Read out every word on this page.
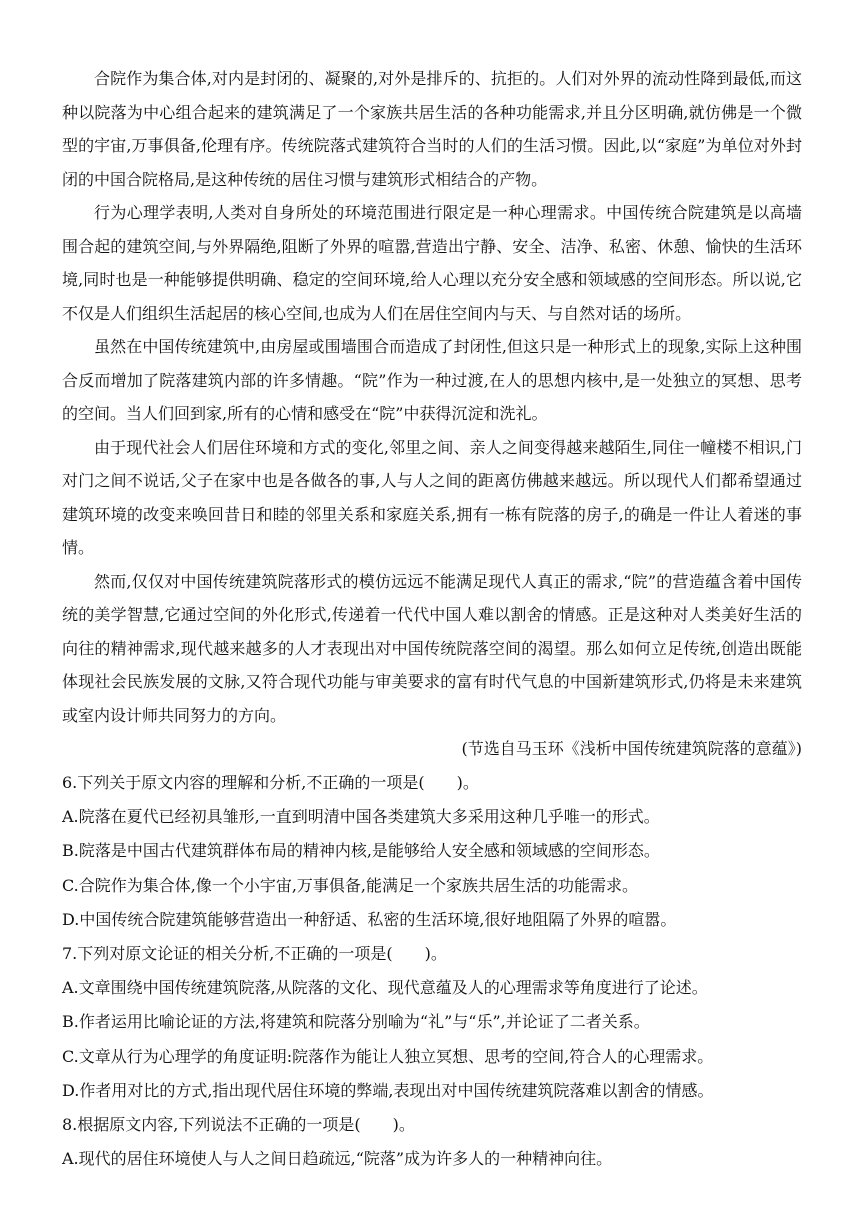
合院作为集合体,对内是封闭的、凝聚的,对外是排斥的、抗拒的。人们对外界的流动性降到最低,而这种以院落为中心组合起来的建筑满足了一个家族共居生活的各种功能需求,并且分区明确,就仿佛是一个微型的宇宙,万事俱备,伦理有序。传统院落式建筑符合当时的人们的生活习惯。因此,以“家庭”为单位对外封闭的中国合院格局,是这种传统的居住习惯与建筑形式相结合的产物。

行为心理学表明,人类对自身所处的环境范围进行限定是一种心理需求。中国传统合院建筑是以高墙围合起的建筑空间,与外界隔绝,阻断了外界的喧嚣,营造出宁静、安全、洁净、私密、休憩、愉快的生活环境,同时也是一种能够提供明确、稳定的空间环境,给人心理以充分安全感和领域感的空间形态。所以说,它不仅是人们组织生活起居的核心空间,也成为人们在居住空间内与天、与自然对话的场所。

虽然在中国传统建筑中,由房屋或围墙围合而造成了封闭性,但这只是一种形式上的现象,实际上这种围合反而增加了院落建筑内部的许多情趣。“院”作为一种过渡,在人的思想内核中,是一处独立的冥想、思考的空间。当人们回到家,所有的心情和感受在“院”中获得沉淀和洗礼。

由于现代社会人们居住环境和方式的变化,邻里之间、亲人之间变得越来越陌生,同住一幢楼不相识,门对门之间不说话,父子在家中也是各做各的事,人与人之间的距离仿佛越来越远。所以现代人们都希望通过建筑环境的改变来唤回昔日和睦的邻里关系和家庭关系,拥有一栋有院落的房子,的确是一件让人着迷的事情。

然而,仅仅对中国传统建筑院落形式的模仿远远不能满足现代人真正的需求,“院”的营造蕴含着中国传统的美学智慧,它通过空间的外化形式,传递着一代代中国人难以割舍的情感。正是这种对人类美好生活的向往的精神需求,现代越来越多的人才表现出对中国传统院落空间的渴望。那么如何立足传统,创造出既能体现社会民族发展的文脉,又符合现代功能与审美要求的富有时代气息的中国新建筑形式,仍将是未来建筑或室内设计师共同努力的方向。

(节选自马玉环《浅析中国传统建筑院落的意蕴》)

6.下列关于原文内容的理解和分析,不正确的一项是(　　)。

A.院落在夏代已经初具雏形,一直到明清中国各类建筑大多采用这种几乎唯一的形式。

B.院落是中国古代建筑群体布局的精神内核,是能够给人安全感和领域感的空间形态。

C.合院作为集合体,像一个小宇宙,万事俱备,能满足一个家族共居生活的功能需求。

D.中国传统合院建筑能够营造出一种舒适、私密的生活环境,很好地阻隔了外界的喧嚣。

7.下列对原文论证的相关分析,不正确的一项是(　　)。

A.文章围绕中国传统建筑院落,从院落的文化、现代意蕴及人的心理需求等角度进行了论述。

B.作者运用比喻论证的方法,将建筑和院落分别喻为“礼”与“乐”,并论证了二者关系。

C.文章从行为心理学的角度证明:院落作为能让人独立冥想、思考的空间,符合人的心理需求。

D.作者用对比的方式,指出现代居住环境的弊端,表现出对中国传统建筑院落难以割舍的情感。

8.根据原文内容,下列说法不正确的一项是(　　)。

A.现代的居住环境使人与人之间日趋疏远,“院落”成为许多人的一种精神向往。
